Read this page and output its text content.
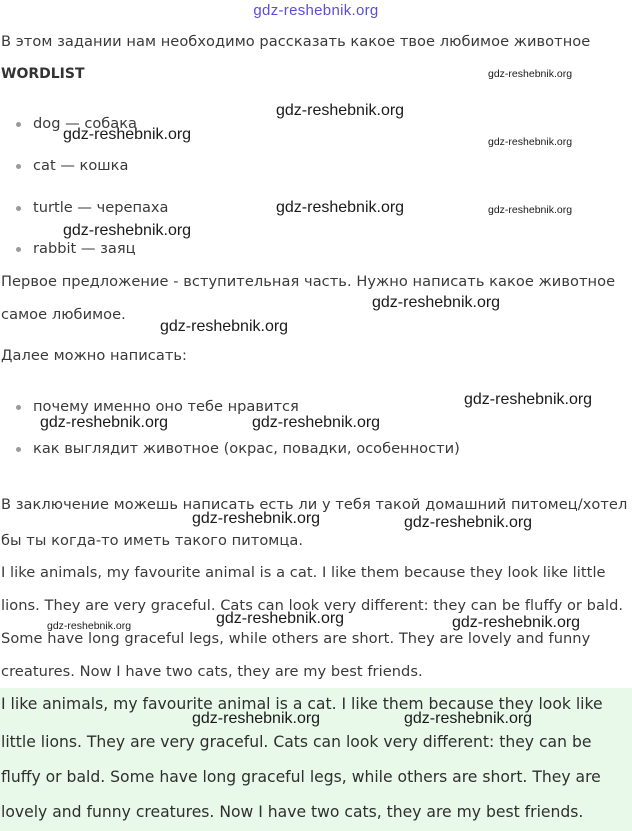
gdz-reshebnik.org
В этом задании нам необходимо рассказать какое твое любимое животное
WORDLIST
dog — собака
cat — кошка
turtle — черепаха
rabbit — заяц
Первое предложение - вступительная часть. Нужно написать какое животное
самое любимое.
Далее можно написать:
почему именно оно тебе нравится
как выглядит животное (окрас, повадки, особенности)
В заключение можешь написать есть ли у тебя такой домашний питомец/хотел
бы ты когда-то иметь такого питомца.
I like animals, my favourite animal is a cat. I like them because they look like little
lions. They are very graceful. Cats can look very different: they can be fluffy or bald.
Some have long graceful legs, while others are short. They are lovely and funny
creatures. Now I have two cats, they are my best friends.
I like animals, my favourite animal is a cat. I like them because they look like
little lions. They are very graceful. Cats can look very different: they can be
fluffy or bald. Some have long graceful legs, while others are short. They are
lovely and funny creatures. Now I have two cats, they are my best friends.
gdz-reshebnik.org
gdz-reshebnik.org
gdz-reshebnik.org
gdz-reshebnik.org
gdz-reshebnik.org
gdz-reshebnik.org
gdz-reshebnik.org
gdz-reshebnik.org	gdz-reshebnik.org
gdz-reshebnik.org	gdz-reshebnik.org
gdz-reshebnik.org	gdz-reshebnik.org
gdz-reshebnik.org	gdz-reshebnik.org
gdz-reshebnik.org
gdz-reshebnik.org
gdz-reshebnik.org
gdz-reshebnik.org
